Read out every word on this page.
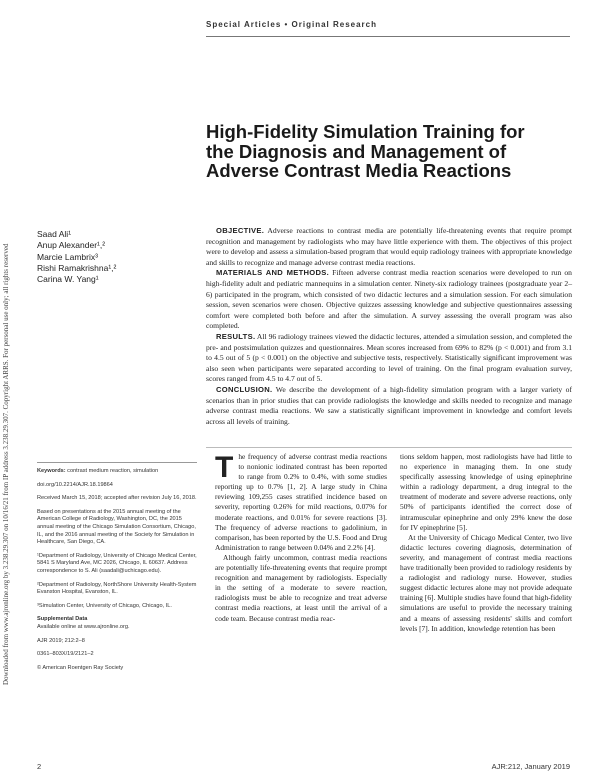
Special Articles • Original Research
Downloaded from www.ajronline.org by 3.238.29.307 on 10/16/21 from IP address 3.238.29.307. Copyright ARRS. For personal use only; all rights reserved
High-Fidelity Simulation Training for the Diagnosis and Management of Adverse Contrast Media Reactions
Saad Ali¹
Anup Alexander¹,²
Marcie Lambrix³
Rishi Ramakrishna¹,²
Carina W. Yang¹

OBJECTIVE. Adverse reactions to contrast media are potentially life-threatening events that require prompt recognition and management by radiologists who may have little experience with them. The objectives of this project were to develop and assess a simulation-based program that would equip radiology trainees with appropriate knowledge and skills to recognize and manage adverse contrast media reactions.

MATERIALS AND METHODS. Fifteen adverse contrast media reaction scenarios were developed to run on high-fidelity adult and pediatric mannequins in a simulation center. Ninety-six radiology trainees (postgraduate year 2–6) participated in the program, which consisted of two didactic lectures and a simulation session. For each simulation session, seven scenarios were chosen. Objective quizzes assessing knowledge and subjective questionnaires assessing comfort were completed both before and after the simulation. A survey assessing the overall program was also completed.

RESULTS. All 96 radiology trainees viewed the didactic lectures, attended a simulation session, and completed the pre- and postsimulation quizzes and questionnaires. Mean scores increased from 69% to 82% (p < 0.001) and from 3.1 to 4.5 out of 5 (p < 0.001) on the objective and subjective tests, respectively. Statistically significant improvement was also seen when participants were separated according to level of training. On the final program evaluation survey, scores ranged from 4.5 to 4.7 out of 5.

CONCLUSION. We describe the development of a high-fidelity simulation program with a larger variety of scenarios than in prior studies that can provide radiologists the knowledge and skills needed to recognize and manage adverse contrast media reactions. We saw a statistically significant improvement in knowledge and comfort levels across all levels of training.

Keywords: contrast medium reaction, simulation
doi.org/10.2214/AJR.18.19864
Received March 15, 2018; accepted after revision July 16, 2018.
Based on presentations at the 2015 annual meeting of the American College of Radiology, Washington, DC, the 2015 annual meeting of the Chicago Simulation Consortium, Chicago, IL, and the 2016 annual meeting of the Society for Simulation in Healthcare, San Diego, CA.
¹Department of Radiology, University of Chicago Medical Center, 5841 S Maryland Ave, MC 2026, Chicago, IL 60637. Address correspondence to S. Ali (saadali@uchicago.edu).
²Department of Radiology, NorthShore University Health-System Evanston Hospital, Evanston, IL.
³Simulation Center, University of Chicago, Chicago, IL.
Supplemental Data
Available online at www.ajronline.org.
AJR 2019; 212:2–8
0361–803X/19/2121–2
© American Roentgen Ray Society

The frequency of adverse contrast media reactions to nonionic iodinated contrast has been reported to range from 0.2% to 0.4%, with some studies reporting up to 0.7% [1, 2]. A large study in China reviewing 109,255 cases stratified incidence based on severity, reporting 0.26% for mild reactions, 0.07% for moderate reactions, and 0.01% for severe reactions [3]. The frequency of adverse reactions to gadolinium, in comparison, has been reported by the U.S. Food and Drug Administration to range between 0.04% and 2.2% [4].

Although fairly uncommon, contrast media reactions are potentially life-threatening events that require prompt recognition and management by radiologists. Especially in the setting of a moderate to severe reaction, radiologists must be able to recognize and treat adverse contrast media reactions, at least until the arrival of a code team. Because contrast media reac-

tions seldom happen, most radiologists have had little to no experience in managing them. In one study specifically assessing knowledge of using epinephrine within a radiology department, a drug integral to the treatment of moderate and severe adverse reactions, only 50% of participants identified the correct dose of intramuscular epinephrine and only 29% knew the dose for IV epinephrine [5].

At the University of Chicago Medical Center, two live didactic lectures covering diagnosis, determination of severity, and management of contrast media reactions have traditionally been provided to radiology residents by a radiologist and radiology nurse. However, studies suggest didactic lectures alone may not provide adequate training [6]. Multiple studies have found that high-fidelity simulations are useful to provide the necessary training and a means of assessing residents' skills and comfort levels [7]. In addition, knowledge retention has been

2	AJR:212, January 2019
